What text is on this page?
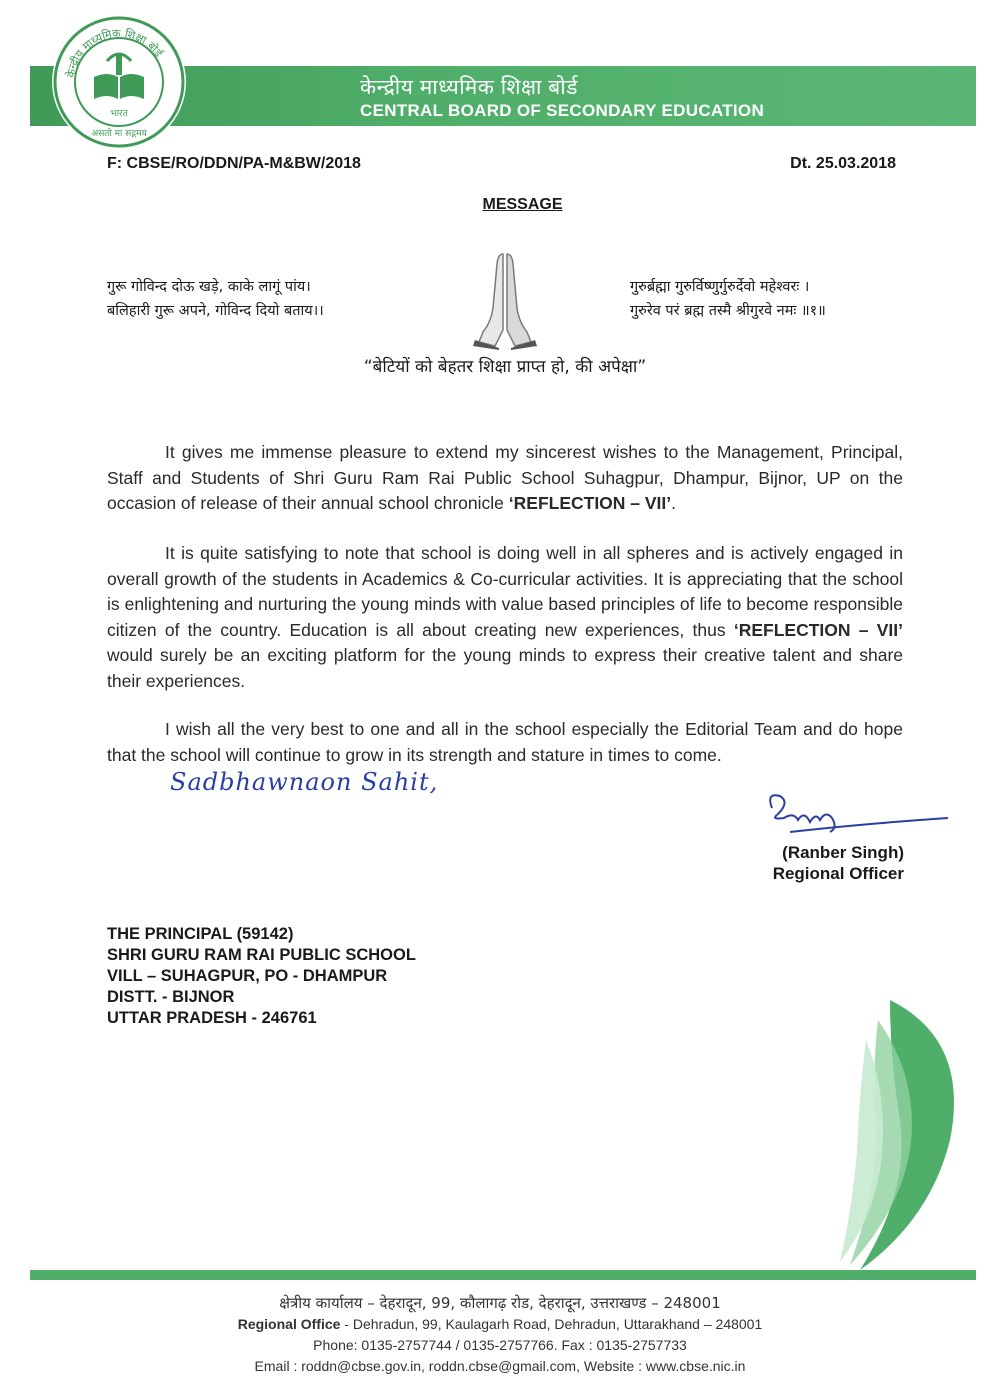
केन्द्रीय माध्यमिक शिक्षा बोर्ड
CENTRAL BOARD OF SECONDARY EDUCATION
केन्द्रीय माध्यमिक शिक्षा बोर्ड
भारत
असतो मा सद्गमय
F: CBSE/RO/DDN/PA-M&BW/2018	Dt. 25.03.2018
MESSAGE
गुरू गोविन्द दोऊ खड़े, काके लागूं पांय।
बलिहारी गुरू अपने, गोविन्द दियो बताय।।
गुरुर्ब्रह्मा गुरुर्विष्णुर्गुरुर्देवो महेश्वरः ।
गुरुरेव परं ब्रह्म तस्मै श्रीगुरवे नमः ॥१॥
“बेटियों को बेहतर शिक्षा प्राप्त हो, की अपेक्षा”

It gives me immense pleasure to extend my sincerest wishes to the Management, Principal, Staff and Students of Shri Guru Ram Rai Public School Suhagpur, Dhampur, Bijnor, UP on the occasion of release of their annual school chronicle ‘REFLECTION – VII’.

It is quite satisfying to note that school is doing well in all spheres and is actively engaged in overall growth of the students in Academics & Co-curricular activities. It is appreciating that the school is enlightening and nurturing the young minds with value based principles of life to become responsible citizen of the country. Education is all about creating new experiences, thus ‘REFLECTION – VII’ would surely be an exciting platform for the young minds to express their creative talent and share their experiences.

I wish all the very best to one and all in the school especially the Editorial Team and do hope that the school will continue to grow in its strength and stature in times to come.

Sadbhawnaon Sahit,
(Ranber Singh)
Regional Officer
THE PRINCIPAL (59142)
SHRI GURU RAM RAI PUBLIC SCHOOL
VILL – SUHAGPUR, PO - DHAMPUR
DISTT. - BIJNOR
UTTAR PRADESH - 246761
क्षेत्रीय कार्यालय – देहरादून, 99, कौलागढ़ रोड, देहरादून, उत्तराखण्ड – 248001
Regional Office - Dehradun, 99, Kaulagarh Road, Dehradun, Uttarakhand – 248001
Phone: 0135-2757744 / 0135-2757766. Fax : 0135-2757733
Email : roddn@cbse.gov.in, roddn.cbse@gmail.com, Website : www.cbse.nic.in
